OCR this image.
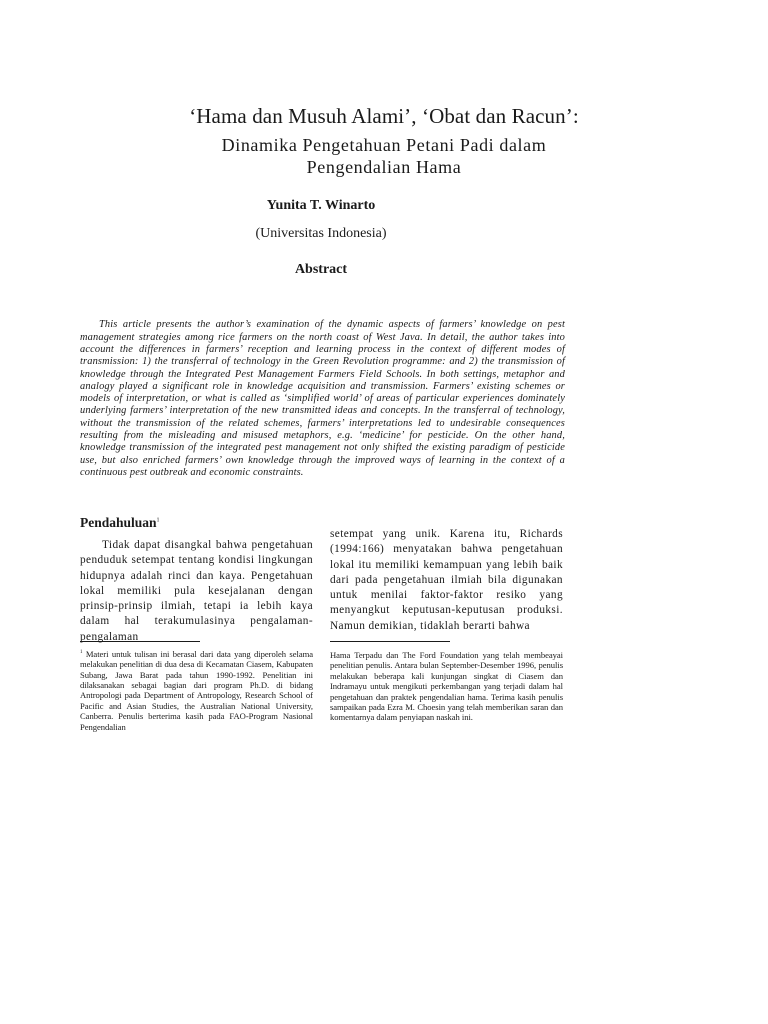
‘Hama dan Musuh Alami’, ‘Obat dan Racun’:
Dinamika Pengetahuan Petani Padi dalam
Pengendalian Hama
Yunita T. Winarto
(Universitas Indonesia)
Abstract

This article presents the author’s examination of the dynamic aspects of farmers’ knowledge on pest management strategies among rice farmers on the north coast of West Java. In detail, the author takes into account the differences in farmers’ reception and learning process in the context of different modes of transmission: 1) the transferral of technology in the Green Revolution programme: and 2) the transmission of knowledge through the Integrated Pest Management Farmers Field Schools. In both settings, metaphor and analogy played a significant role in knowledge acquisition and transmission. Farmers’ existing schemes or models of interpretation, or what is called as ‘simplified world’ of areas of particular experiences dominately underlying farmers’ interpretation of the new transmitted ideas and concepts. In the transferral of technology, without the transmission of the related schemes, farmers’ interpretations led to undesirable consequences resulting from the misleading and misused metaphors, e.g. ‘medicine’ for pesticide. On the other hand, knowledge transmission of the integrated pest management not only shifted the existing paradigm of pesticide use, but also enriched farmers’ own knowledge through the improved ways of learning in the context of a continuous pest outbreak and economic constraints.

Pendahuluan$^1$

Tidak dapat disangkal bahwa pengetahuan penduduk setempat tentang kondisi lingkungan hidupnya adalah rinci dan kaya. Pengetahuan lokal memiliki pula kesejalanan dengan prinsip-prinsip ilmiah, tetapi ia lebih kaya dalam hal terakumulasinya pengalaman-pengalaman

setempat yang unik. Karena itu, Richards (1994:166) menyatakan bahwa pengetahuan lokal itu memiliki kemampuan yang lebih baik dari pada pengetahuan ilmiah bila digunakan untuk menilai faktor-faktor resiko yang menyangkut keputusan-keputusan produksi. Namun demikian, tidaklah berarti bahwa

$^1$ Materi untuk tulisan ini berasal dari data yang diperoleh selama melakukan penelitian di dua desa di Kecamatan Ciasem, Kabupaten Subang, Jawa Barat pada tahun 1990-1992. Penelitian ini dilaksanakan sebagai bagian dari program Ph.D. di bidang Antropologi pada Department of Antropology, Research School of Pacific and Asian Studies, the Australian National University, Canberra. Penulis berterima kasih pada FAO-Program Nasional Pengendalian

Hama Terpadu dan The Ford Foundation yang telah membeayai penelitian penulis. Antara bulan September-Desember 1996, penulis melakukan beberapa kali kunjungan singkat di Ciasem dan Indramayu untuk mengikuti perkembangan yang terjadi dalam hal pengetahuan dan praktek pengendalian hama. Terima kasih penulis sampaikan pada Ezra M. Choesin yang telah memberikan saran dan komentarnya dalam penyiapan naskah ini.
